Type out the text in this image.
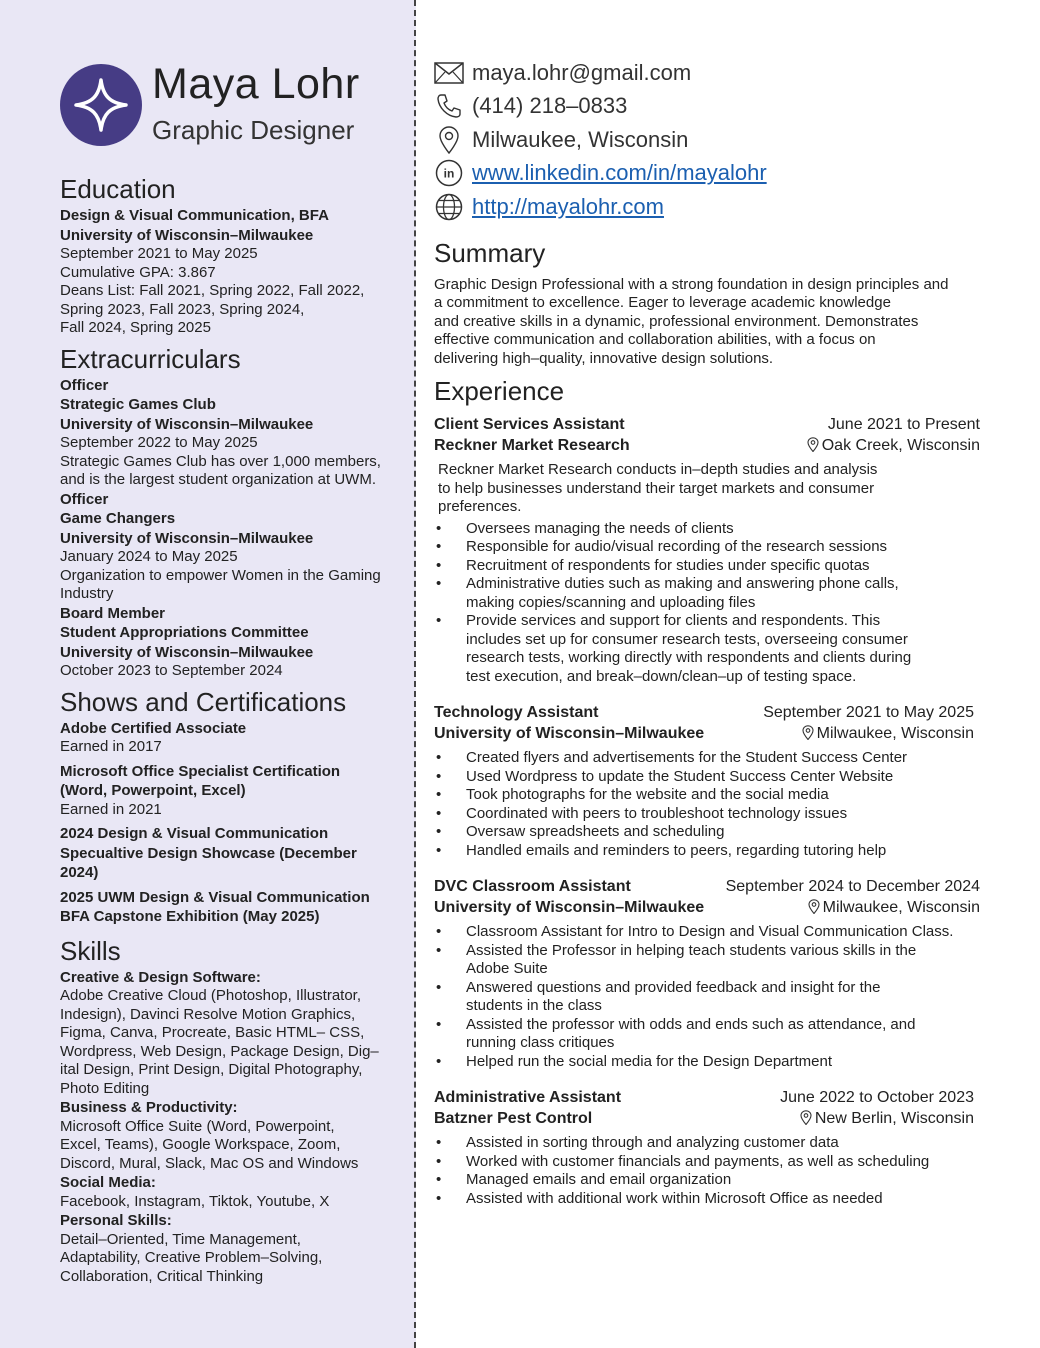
Maya Lohr
Graphic Designer
Education
Design & Visual Communication, BFA
University of Wisconsin–Milwaukee
September 2021 to May 2025
Cumulative GPA: 3.867
Deans List: Fall 2021, Spring 2022, Fall 2022,
Spring 2023, Fall 2023, Spring 2024,
Fall 2024, Spring 2025
Extracurriculars
Officer
Strategic Games Club
University of Wisconsin–Milwaukee
September 2022 to May 2025
Strategic Games Club has over 1,000 members,
and is the largest student organization at UWM.
Officer
Game Changers
University of Wisconsin–Milwaukee
January 2024 to May 2025
Organization to empower Women in the Gaming
Industry
Board Member
Student Appropriations Committee
University of Wisconsin–Milwaukee
October 2023 to September 2024
Shows and Certifications
Adobe Certified Associate
Earned in 2017
Microsoft Office Specialist Certification
(Word, Powerpoint, Excel)
Earned in 2021
2024 Design & Visual Communication
Specualtive Design Showcase (December
2024)
2025 UWM Design & Visual Communication
BFA Capstone Exhibition (May 2025)
Skills
Creative & Design Software:
Adobe Creative Cloud (Photoshop, Illustrator,
Indesign), Davinci Resolve Motion Graphics,
Figma, Canva, Procreate, Basic HTML– CSS,
Wordpress, Web Design, Package Design, Dig–
ital Design, Print Design, Digital Photography,
Photo Editing
Business & Productivity:
Microsoft Office Suite (Word, Powerpoint,
Excel, Teams), Google Workspace, Zoom,
Discord, Mural, Slack, Mac OS and Windows
Social Media:
Facebook, Instagram, Tiktok, Youtube, X
Personal Skills:
Detail–Oriented, Time Management,
Adaptability, Creative Problem–Solving,
Collaboration, Critical Thinking
maya.lohr@gmail.com
(414) 218–0833
Milwaukee, Wisconsin
in www.linkedin.com/in/mayalohr
http://mayalohr.com
Summary
Graphic Design Professional with a strong foundation in design principles and
a commitment to excellence. Eager to leverage academic knowledge
and creative skills in a dynamic, professional environment. Demonstrates
effective communication and collaboration abilities, with a focus on
delivering high–quality, innovative design solutions.
Experience
Client Services Assistant	June 2021 to Present
Reckner Market Research	Oak Creek, Wisconsin
Reckner Market Research conducts in–depth studies and analysis
to help businesses understand their target markets and consumer
preferences.
• Oversees managing the needs of clients
• Responsible for audio/visual recording of the research sessions
• Recruitment of respondents for studies under specific quotas
• Administrative duties such as making and answering phone calls,
making copies/scanning and uploading files
• Provide services and support for clients and respondents. This
includes set up for consumer research tests, overseeing consumer
research tests, working directly with respondents and clients during
test execution, and break–down/clean–up of testing space.
Technology Assistant	September 2021 to May 2025
University of Wisconsin–Milwaukee	Milwaukee, Wisconsin
• Created flyers and advertisements for the Student Success Center
• Used Wordpress to update the Student Success Center Website
• Took photographs for the website and the social media
• Coordinated with peers to troubleshoot technology issues
• Oversaw spreadsheets and scheduling
• Handled emails and reminders to peers, regarding tutoring help
DVC Classroom Assistant	September 2024 to December 2024
University of Wisconsin–Milwaukee	Milwaukee, Wisconsin
• Classroom Assistant for Intro to Design and Visual Communication Class.
• Assisted the Professor in helping teach students various skills in the
Adobe Suite
• Answered questions and provided feedback and insight for the
students in the class
• Assisted the professor with odds and ends such as attendance, and
running class critiques
• Helped run the social media for the Design Department
Administrative Assistant	June 2022 to October 2023
Batzner Pest Control	New Berlin, Wisconsin
• Assisted in sorting through and analyzing customer data
• Worked with customer financials and payments, as well as scheduling
• Managed emails and email organization
• Assisted with additional work within Microsoft Office as needed
